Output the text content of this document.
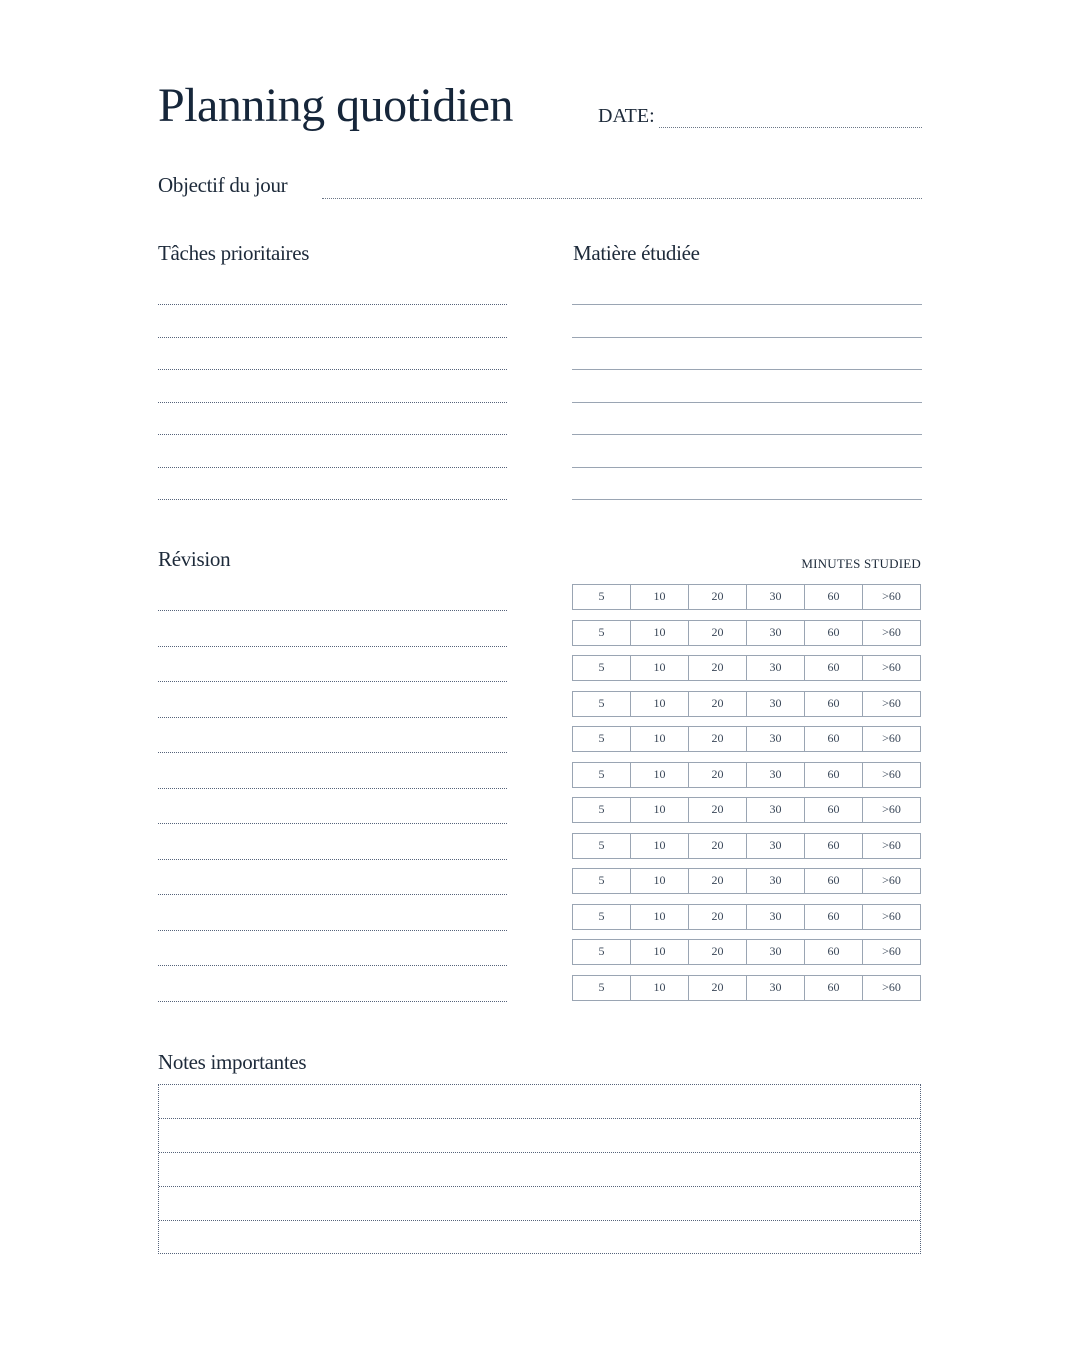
Planning quotidien	DATE:
Objectif du jour
Tâches prioritaires	Matière étudiée
Révision	MINUTES STUDIED
5	10	20	30	60	>60
5	10	20	30	60	>60
5	10	20	30	60	>60
5	10	20	30	60	>60
5	10	20	30	60	>60
5	10	20	30	60	>60
5	10	20	30	60	>60
5	10	20	30	60	>60
5	10	20	30	60	>60
5	10	20	30	60	>60
5	10	20	30	60	>60
5	10	20	30	60	>60
Notes importantes
